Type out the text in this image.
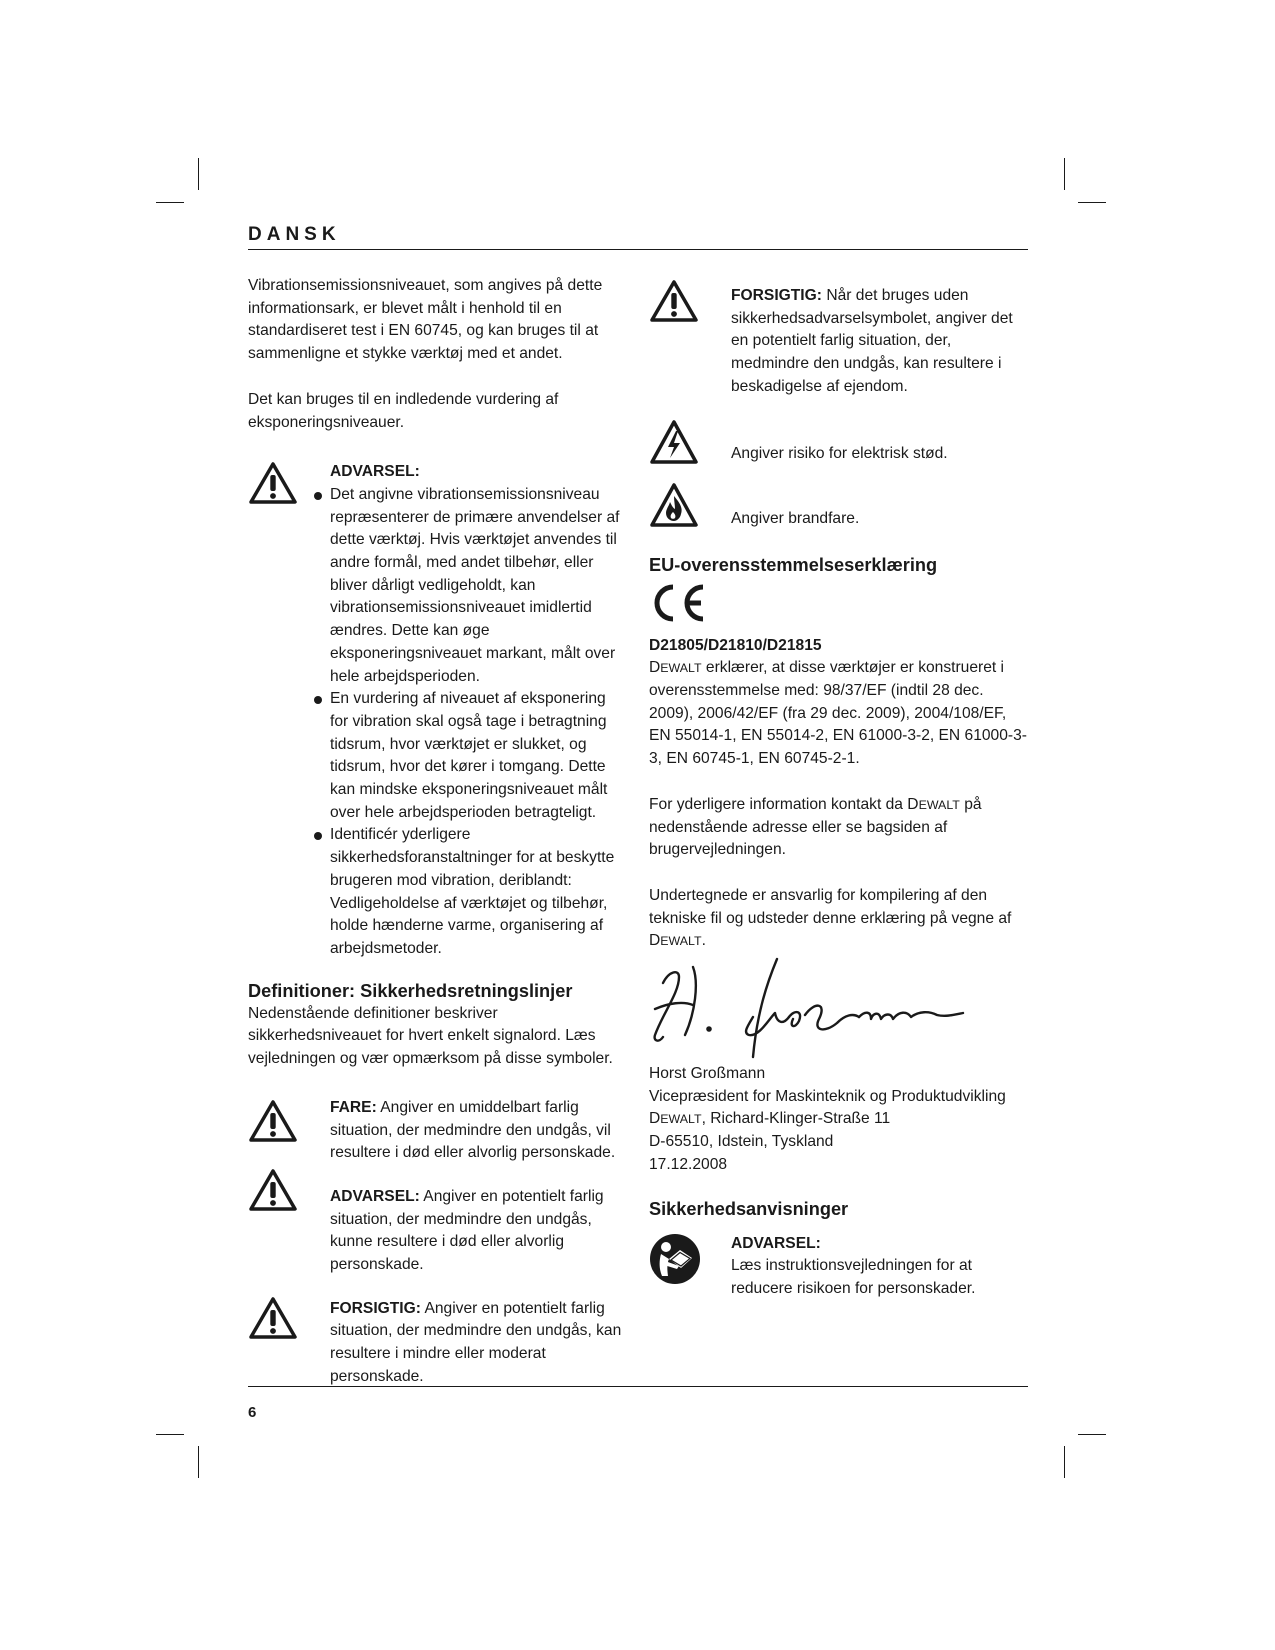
DANSK

Vibrationsemissionsniveauet, som angives på dette informationsark, er blevet målt i henhold til en standardiseret test i EN 60745, og kan bruges til at sammenligne et stykke værktøj med et andet.

Det kan bruges til en indledende vurdering af eksponeringsniveauer.

ADVARSEL:

Det angivne vibrationsemissionsniveau repræsenterer de primære anvendelser af dette værktøj. Hvis værktøjet anvendes til andre formål, med andet tilbehør, eller bliver dårligt vedligeholdt, kan vibrationsemissionsniveauet imidlertid ændres. Dette kan øge eksponeringsniveauet markant, målt over hele arbejdsperioden.
En vurdering af niveauet af eksponering for vibration skal også tage i betragtning tidsrum, hvor værktøjet er slukket, og tidsrum, hvor det kører i tomgang. Dette kan mindske eksponeringsniveauet målt over hele arbejdsperioden betragteligt.
Identificér yderligere sikkerhedsforanstaltninger for at beskytte brugeren mod vibration, deriblandt: Vedligeholdelse af værktøjet og tilbehør, holde hænderne varme, organisering af arbejdsmetoder.

Definitioner: Sikkerhedsretningslinjer

Nedenstående definitioner beskriver sikkerhedsniveauet for hvert enkelt signalord. Læs vejledningen og vær opmærksom på disse symboler.

FARE: Angiver en umiddelbart farlig situation, der medmindre den undgås, vil resultere i død eller alvorlig personskade.

ADVARSEL: Angiver en potentielt farlig situation, der medmindre den undgås, kunne resultere i død eller alvorlig personskade.

FORSIGTIG: Angiver en potentielt farlig situation, der medmindre den undgås, kan resultere i mindre eller moderat personskade.

FORSIGTIG: Når det bruges uden sikkerhedsadvarselsymbolet, angiver det en potentielt farlig situation, der, medmindre den undgås, kan resultere i beskadigelse af ejendom.

Angiver risiko for elektrisk stød.

Angiver brandfare.

EU-overensstemmelseserklæring

D21805/D21810/D21815

DEWALT erklærer, at disse værktøjer er konstrueret i overensstemmelse med: 98/37/EF (indtil 28 dec. 2009), 2006/42/EF (fra 29 dec. 2009), 2004/108/EF, EN 55014-1, EN 55014-2, EN 61000-3-2, EN 61000-3-3, EN 60745-1, EN 60745-2-1.

For yderligere information kontakt da DEWALT på nedenstående adresse eller se bagsiden af brugervejledningen.

Undertegnede er ansvarlig for kompilering af den tekniske fil og udsteder denne erklæring på vegne af DEWALT.

Horst Großmann

Vicepræsident for Maskinteknik og Produktudvikling

DEWALT, Richard-Klinger-Straße 11

D-65510, Idstein, Tyskland

17.12.2008

Sikkerhedsanvisninger

ADVARSEL:

Læs instruktionsvejledningen for at reducere risikoen for personskader.

6
